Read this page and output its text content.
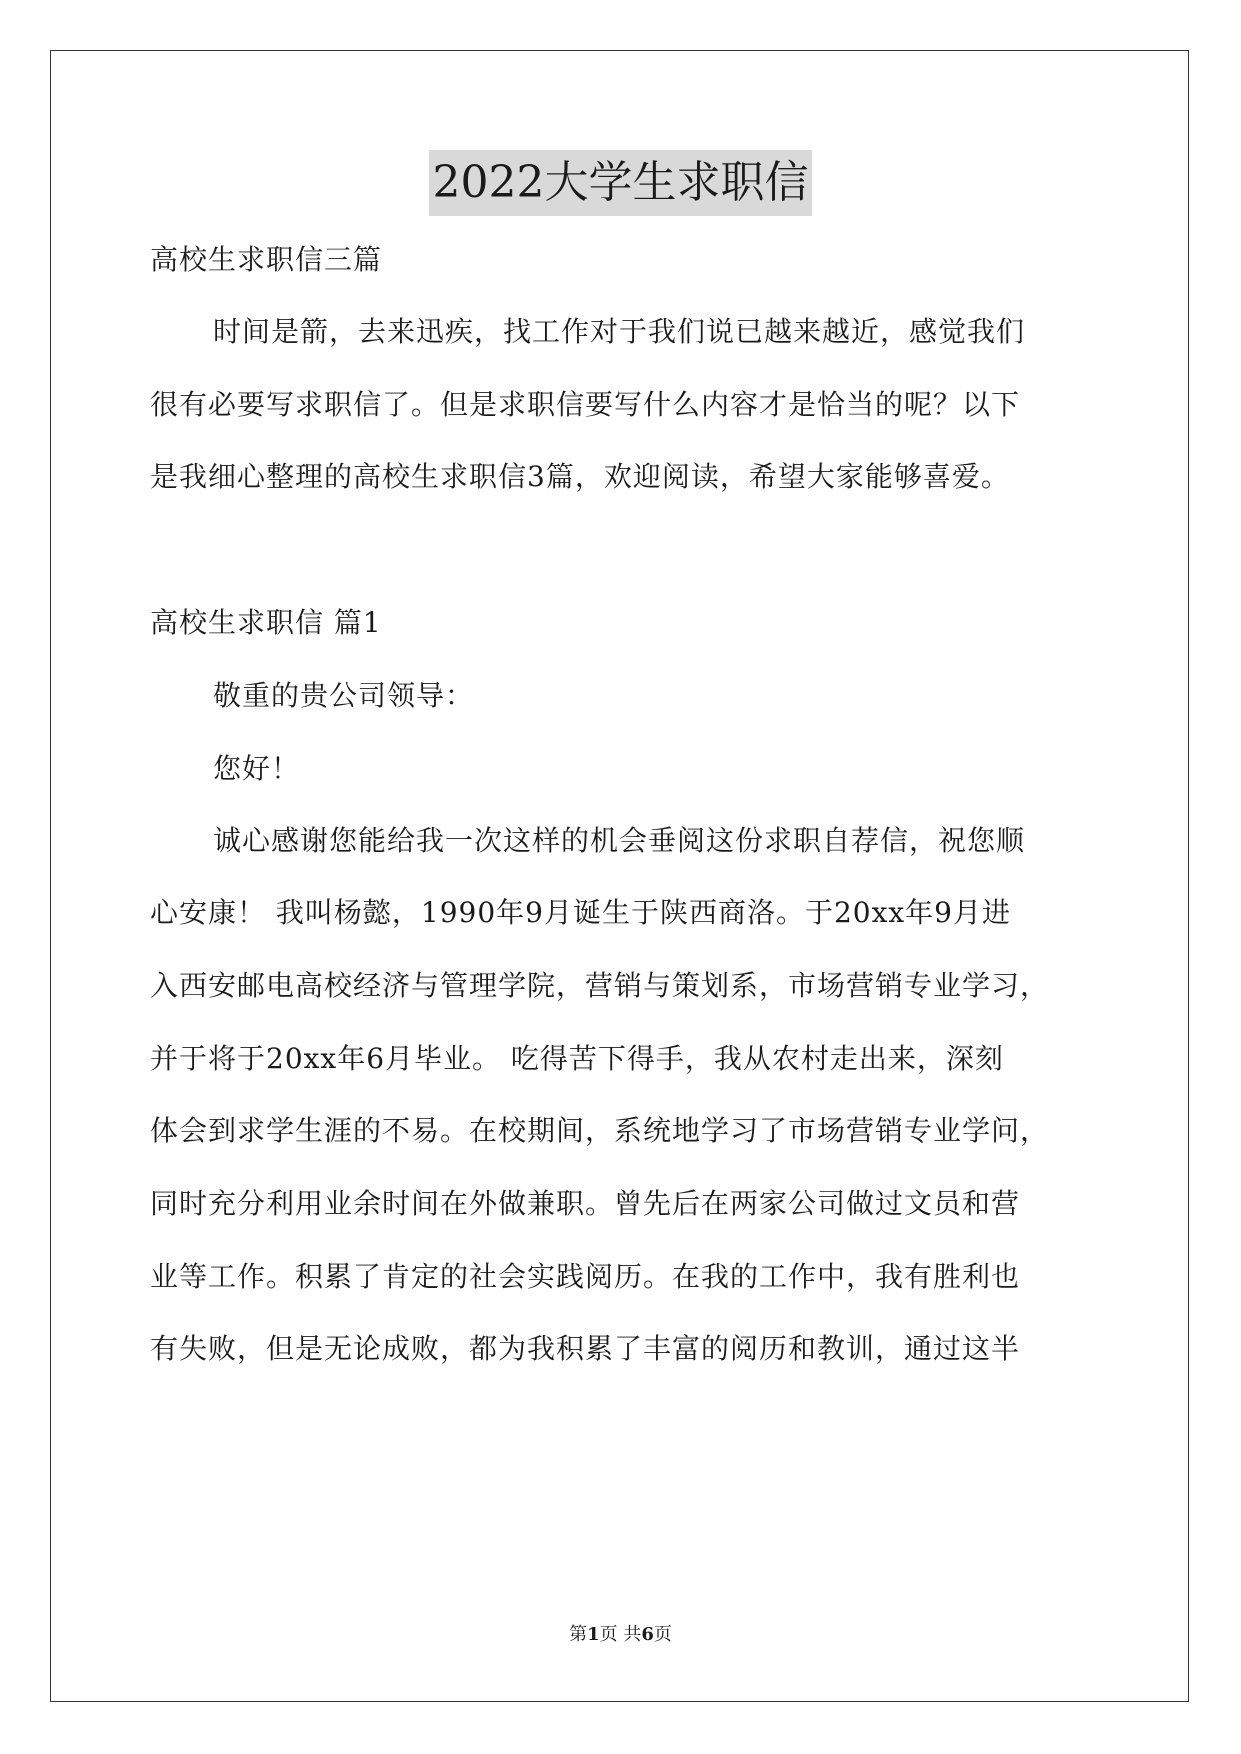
2022大学生求职信
高校生求职信三篇
时间是箭，去来迅疾，找工作对于我们说已越来越近，感觉我们
很有必要写求职信了。但是求职信要写什么内容才是恰当的呢？以下
是我细心整理的高校生求职信3篇，欢迎阅读，希望大家能够喜爱。
高校生求职信 篇1
敬重的贵公司领导：
您好！
诚心感谢您能给我一次这样的机会垂阅这份求职自荐信，祝您顺
心安康！ 我叫杨懿，1990年9月诞生于陕西商洛。于20xx年9月进
入西安邮电高校经济与管理学院，营销与策划系，市场营销专业学习，
并于将于20xx年6月毕业。 吃得苦下得手，我从农村走出来，深刻
体会到求学生涯的不易。在校期间，系统地学习了市场营销专业学问，
同时充分利用业余时间在外做兼职。曾先后在两家公司做过文员和营
业等工作。积累了肯定的社会实践阅历。在我的工作中，我有胜利也
有失败，但是无论成败，都为我积累了丰富的阅历和教训，通过这半
第1页 共6页
